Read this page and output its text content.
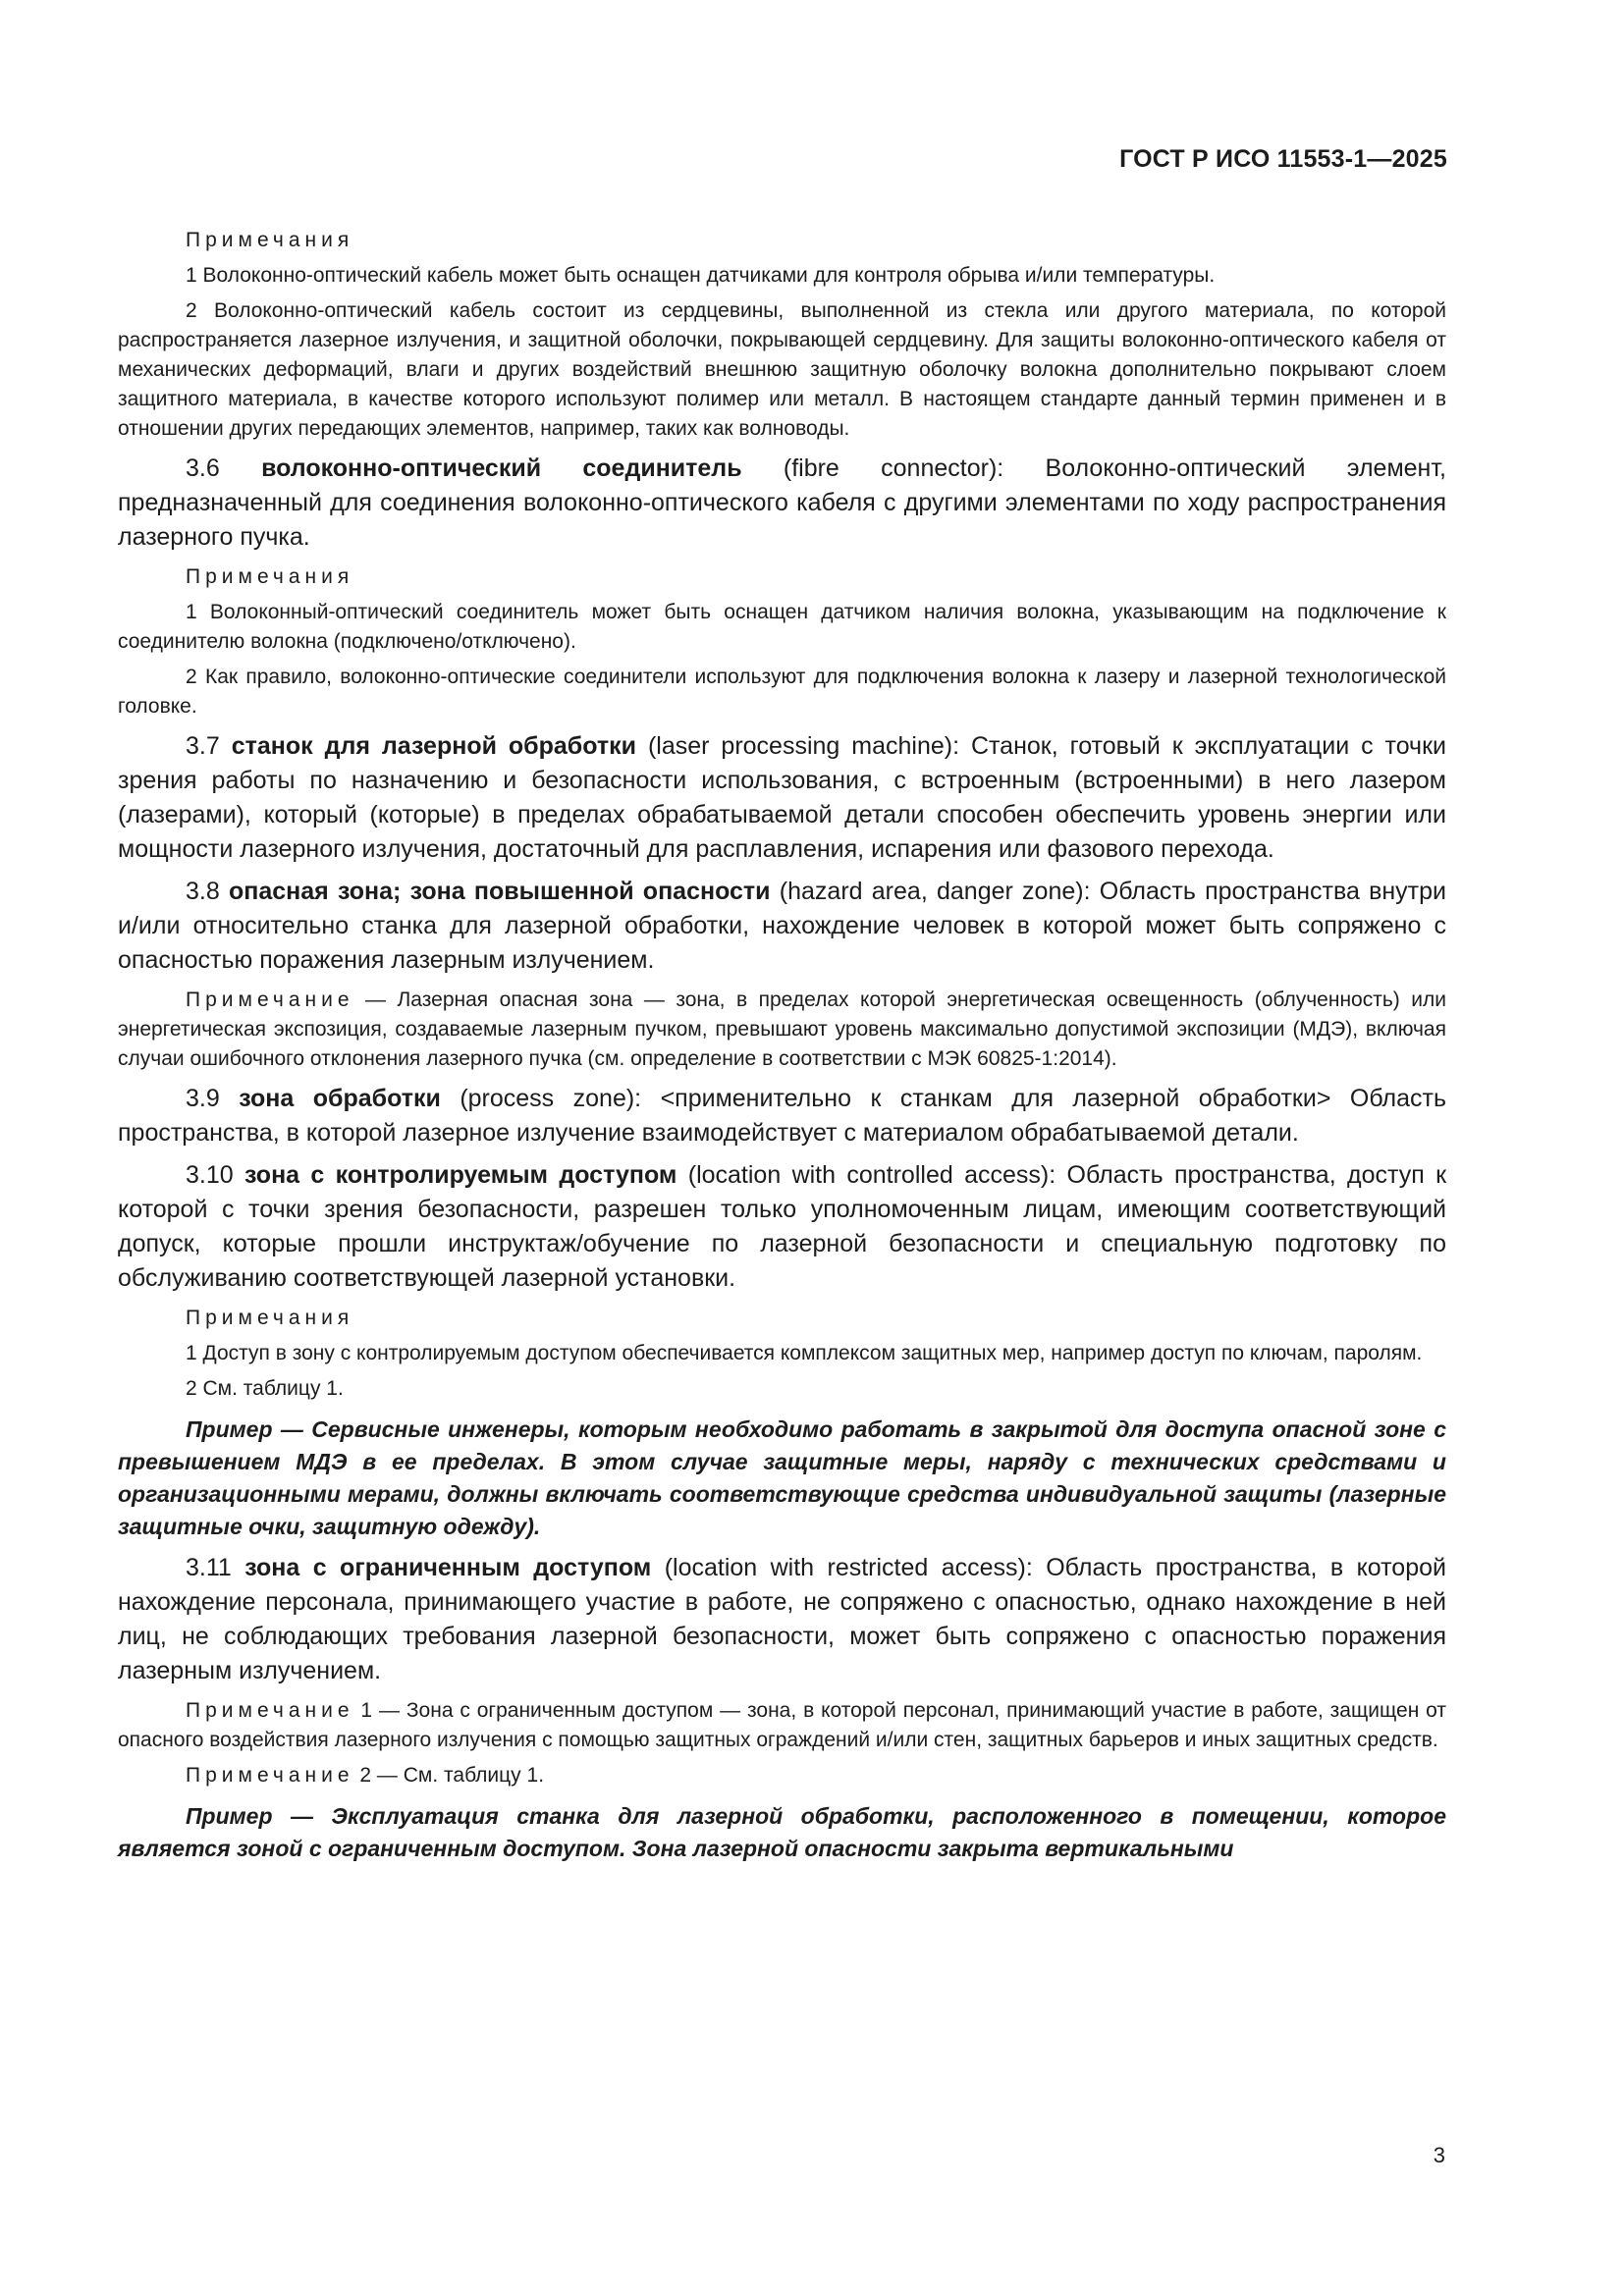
ГОСТ Р ИСО 11553-1—2025

Примечания

1 Волоконно-оптический кабель может быть оснащен датчиками для контроля обрыва и/или температуры.

2 Волоконно-оптический кабель состоит из сердцевины, выполненной из стекла или другого материала, по которой распространяется лазерное излучения, и защитной оболочки, покрывающей сердцевину. Для защиты волоконно-оптического кабеля от механических деформаций, влаги и других воздействий внешнюю защитную оболочку волокна дополнительно покрывают слоем защитного материала, в качестве которого используют полимер или металл. В настоящем стандарте данный термин применен и в отношении других передающих элементов, например, таких как волноводы.

3.6 волоконно-оптический соединитель (fibre connector): Волоконно-оптический элемент, предназначенный для соединения волоконно-оптического кабеля с другими элементами по ходу распространения лазерного пучка.

Примечания

1 Волоконный-оптический соединитель может быть оснащен датчиком наличия волокна, указывающим на подключение к соединителю волокна (подключено/отключено).

2 Как правило, волоконно-оптические соединители используют для подключения волокна к лазеру и лазерной технологической головке.

3.7 станок для лазерной обработки (laser processing machine): Станок, готовый к эксплуатации с точки зрения работы по назначению и безопасности использования, с встроенным (встроенными) в него лазером (лазерами), который (которые) в пределах обрабатываемой детали способен обеспечить уровень энергии или мощности лазерного излучения, достаточный для расплавления, испарения или фазового перехода.

3.8 опасная зона; зона повышенной опасности (hazard area, danger zone): Область пространства внутри и/или относительно станка для лазерной обработки, нахождение человек в которой может быть сопряжено с опасностью поражения лазерным излучением.

Примечание — Лазерная опасная зона — зона, в пределах которой энергетическая освещенность (облученность) или энергетическая экспозиция, создаваемые лазерным пучком, превышают уровень максимально допустимой экспозиции (МДЭ), включая случаи ошибочного отклонения лазерного пучка (см. определение в соответствии с МЭК 60825-1:2014).

3.9 зона обработки (process zone): <применительно к станкам для лазерной обработки> Область пространства, в которой лазерное излучение взаимодействует с материалом обрабатываемой детали.

3.10 зона с контролируемым доступом (location with controlled access): Область пространства, доступ к которой с точки зрения безопасности, разрешен только уполномоченным лицам, имеющим соответствующий допуск, которые прошли инструктаж/обучение по лазерной безопасности и специальную подготовку по обслуживанию соответствующей лазерной установки.

Примечания

1 Доступ в зону с контролируемым доступом обеспечивается комплексом защитных мер, например доступ по ключам, паролям.

2 См. таблицу 1.

Пример — Сервисные инженеры, которым необходимо работать в закрытой для доступа опасной зоне с превышением МДЭ в ее пределах. В этом случае защитные меры, наряду с технических средствами и организационными мерами, должны включать соответствующие средства индивидуальной защиты (лазерные защитные очки, защитную одежду).

3.11 зона с ограниченным доступом (location with restricted access): Область пространства, в которой нахождение персонала, принимающего участие в работе, не сопряжено с опасностью, однако нахождение в ней лиц, не соблюдающих требования лазерной безопасности, может быть сопряжено с опасностью поражения лазерным излучением.

Примечание 1 — Зона с ограниченным доступом — зона, в которой персонал, принимающий участие в работе, защищен от опасного воздействия лазерного излучения с помощью защитных ограждений и/или стен, защитных барьеров и иных защитных средств.

Примечание 2 — См. таблицу 1.

Пример — Эксплуатация станка для лазерной обработки, расположенного в помещении, которое является зоной с ограниченным доступом. Зона лазерной опасности закрыта вертикальными

3
